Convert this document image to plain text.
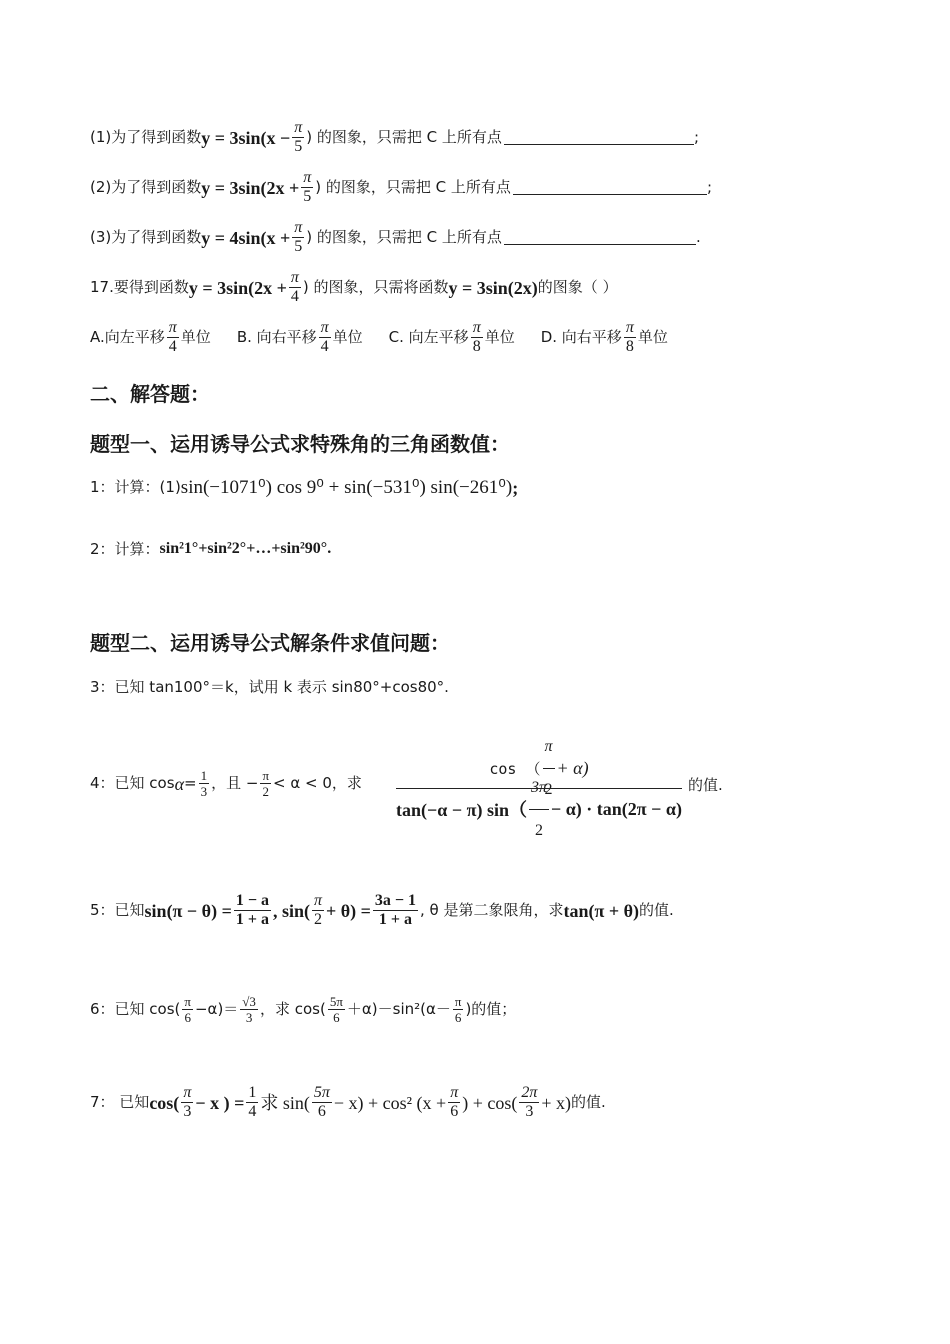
(1)为了得到函数 $y = 3\sin(x - \frac{\pi}{5}$ ) 的图象，只需把 C 上所有点	;
(2)为了得到函数 $y = 3\sin(2x + \frac{\pi}{5}$ ) 的图象，只需把 C 上所有点	;
(3)为了得到函数 $y = 4\sin(x + \frac{\pi}{5}$ ) 的图象，只需把 C 上所有点	.
17.要得到函数 $y = 3\sin(2x + \frac{\pi}{4}$ ) 的图象，只需将函数 y = 3sin(2x) 的图象（ ）
A.向左平移 $\frac{\pi}{4}$ 单位 B. 向右平移 $\frac{\pi}{4}$ 单位 C. 向左平移 $\frac{\pi}{8}$ 单位 D. 向右平移 $\frac{\pi}{8}$ 单位
二、解答题：
题型一、运用诱导公式求特殊角的三角函数值：
1：计算：(1) sin(−1071⁰) cos 9⁰ + sin(−531⁰) sin(−261⁰) ;
2：计算： sin²1°+sin²2°+…+sin²90°.
题型二、运用诱导公式解条件求值问题：
3：已知 tan100°＝k，试用 k 表示 sin80°+cos80°.
4：已知 $\cos \alpha = \frac{1}{3}$ ，且 − $\frac{\pi}{2} < \alpha < 0$，求
cos （ $\frac{\pi}{2} + \alpha$)
tan(−α − π) $\sin( \frac{3\pi}{2} - \alpha) \cdot \tan(2\pi - \alpha)$
的值.
5：已知 $\sin(\pi - \theta) = \frac{1 - a}{1 + a}$ , $\sin( \frac{\pi}{2} + \theta) = \frac{3a - 1}{1 + a}$ , θ 是第二象限角，求 tan(π + θ) 的值.
6：已知 $\cos( \frac{\pi}{6} -\alpha)= \frac{√3}{3}$ ，求 $\cos( \frac{5\pi}{6} +\alpha)-\sin^2(\alpha- \frac{\pi}{6}$ )的值；
7： 已知 $\cos( \frac{\pi}{3} - x$ ) = $\frac{1}{4}$ 求 $\sin( \frac{5\pi}{6} - x) + \cos^2$ ($x + \frac{\pi}{6}$ ) + $\cos( \frac{2\pi}{3} + x)$ 的值.
